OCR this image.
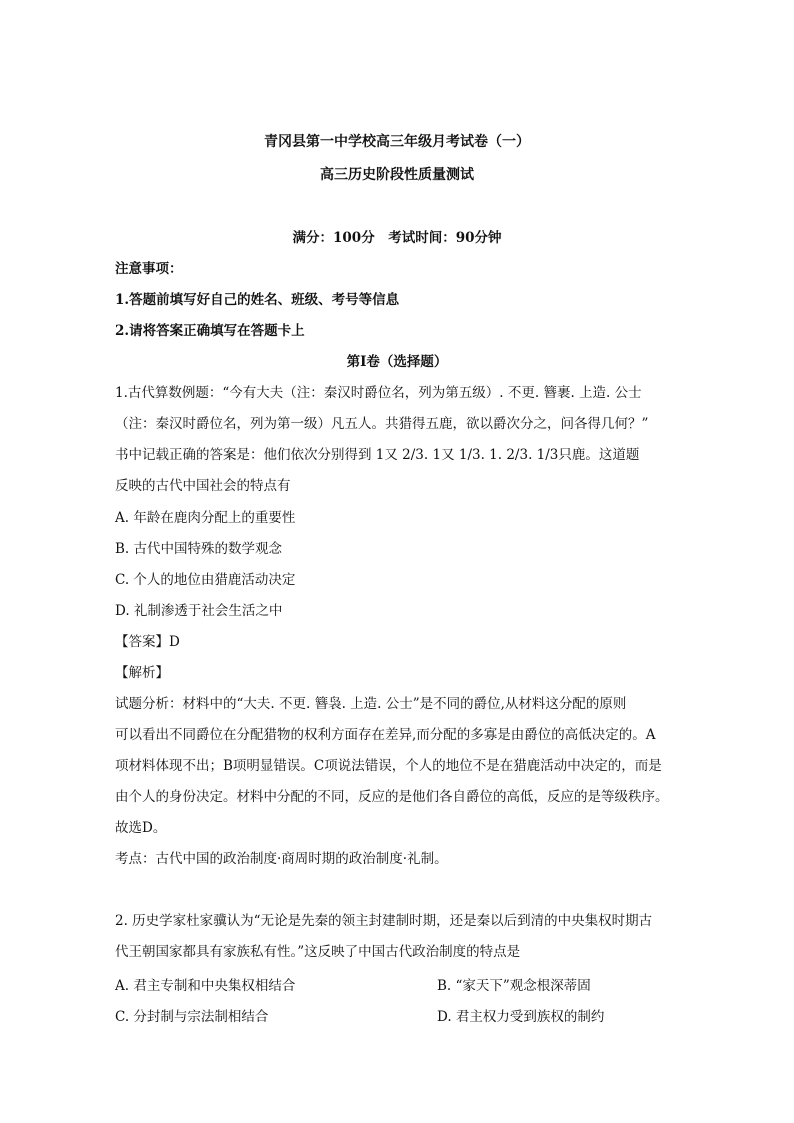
青冈县第一中学校高三年级月考试卷（一）
高三历史阶段性质量测试
满分：100分　考试时间：90分钟
注意事项：
1.答题前填写好自己的姓名、班级、考号等信息
2.请将答案正确填写在答题卡上
第I卷（选择题）
1.古代算数例题：“今有大夫（注：秦汉时爵位名，列为第五级）. 不更. 簪裹. 上造. 公士
（注：秦汉时爵位名，列为第一级）凡五人。共猎得五鹿，欲以爵次分之，问各得几何？”
书中记载正确的答案是：他们依次分别得到 1又 2/3. 1又 1/3. 1. 2/3. 1/3只鹿。这道题
反映的古代中国社会的特点有
A. 年龄在鹿肉分配上的重要性
B. 古代中国特殊的数学观念
C. 个人的地位由猎鹿活动决定
D. 礼制渗透于社会生活之中
【答案】D
【解析】
试题分析：材料中的“大夫. 不更. 簪袅. 上造. 公士”是不同的爵位,从材料这分配的原则
可以看出不同爵位在分配猎物的权利方面存在差异,而分配的多寡是由爵位的高低决定的。A
项材料体现不出；B项明显错误。C项说法错误，个人的地位不是在猎鹿活动中决定的，而是
由个人的身份决定。材料中分配的不同，反应的是他们各自爵位的高低，反应的是等级秩序。
故选D。
考点：古代中国的政治制度·商周时期的政治制度·礼制。
2. 历史学家杜家骥认为“无论是先秦的领主封建制时期，还是秦以后到清的中央集权时期古
代王朝国家都具有家族私有性。”这反映了中国古代政治制度的特点是
A. 君主专制和中央集权相结合	B. “家天下”观念根深蒂固
C. 分封制与宗法制相结合	D. 君主权力受到族权的制约
